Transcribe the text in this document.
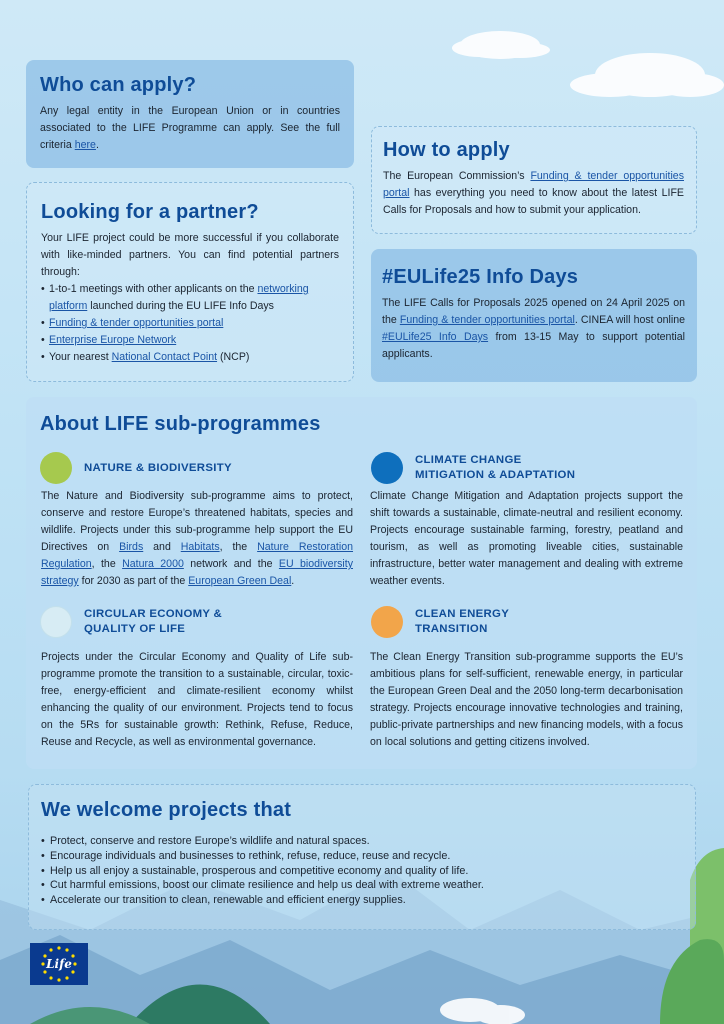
Who can apply?

Any legal entity in the European Union or in countries associated to the LIFE Programme can apply. See the full criteria here.

Looking for a partner?

Your LIFE project could be more successful if you collaborate with like-minded partners. You can find potential partners through:

• 1-to-1 meetings with other applicants on the networking platform launched during the EU LIFE Info Days
• Funding & tender opportunities portal
• Enterprise Europe Network
• Your nearest National Contact Point (NCP)
How to apply

The European Commission’s Funding & tender opportunities portal has everything you need to know about the latest LIFE Calls for Proposals and how to submit your application.

#EULife25 Info Days

The LIFE Calls for Proposals 2025 opened on 24 April 2025 on the Funding & tender opportunities portal. CINEA will host online #EULife25 Info Days from 13-15 May to support potential applicants.

About LIFE sub-programmes
NATURE & BIODIVERSITY

The Nature and Biodiversity sub-programme aims to protect, conserve and restore Europe’s threatened habitats, species and wildlife. Projects under this sub-programme help support the EU Directives on Birds and Habitats, the Nature Restoration Regulation, the Natura 2000 network and the EU biodiversity strategy for 2030 as part of the European Green Deal.

CLIMATE CHANGE
MITIGATION & ADAPTATION

Climate Change Mitigation and Adaptation projects support the shift towards a sustainable, climate-neutral and resilient economy. Projects encourage sustainable farming, forestry, peatland and tourism, as well as promoting liveable cities, sustainable infrastructure, better water management and dealing with extreme weather events.

CIRCULAR ECONOMY &
QUALITY OF LIFE

Projects under the Circular Economy and Quality of Life sub-programme promote the transition to a sustainable, circular, toxic-free, energy-efficient and climate-resilient economy whilst enhancing the quality of our environment. Projects tend to focus on the 5Rs for sustainable growth: Rethink, Refuse, Reduce, Reuse and Recycle, as well as environmental governance.

CLEAN ENERGY
TRANSITION

The Clean Energy Transition sub-programme supports the EU’s ambitious plans for self-sufficient, renewable energy, in particular the European Green Deal and the 2050 long-term decarbonisation strategy. Projects encourage innovative technologies and training, public-private partnerships and new financing models, with a focus on local solutions and getting citizens involved.

We welcome projects that
• Protect, conserve and restore Europe’s wildlife and natural spaces.
• Encourage individuals and businesses to rethink, refuse, reduce, reuse and recycle.
• Help us all enjoy a sustainable, prosperous and competitive economy and quality of life.
• Cut harmful emissions, boost our climate resilience and help us deal with extreme weather.
• Accelerate our transition to clean, renewable and efficient energy supplies.
Life
